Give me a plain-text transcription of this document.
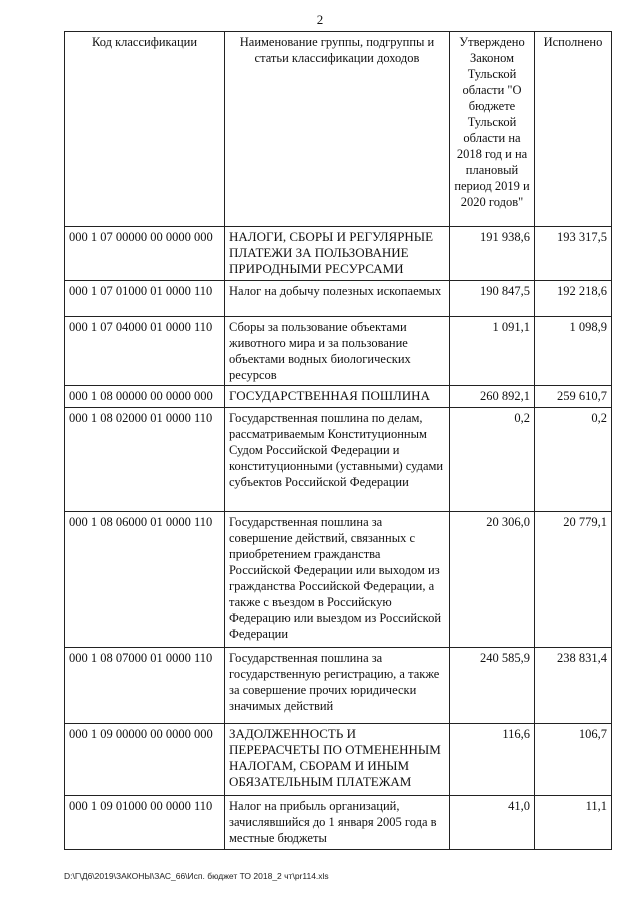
2
Код классификации	Наименование группы, подгруппы и статьи классификации доходов	Утверждено Законом Тульской области "О бюджете Тульской области на 2018 год и на плановый период 2019 и 2020 годов"	Исполнено
000 1 07 00000 00 0000 000	НАЛОГИ, СБОРЫ И РЕГУЛЯРНЫЕ ПЛАТЕЖИ ЗА ПОЛЬЗОВАНИЕ ПРИРОДНЫМИ РЕСУРСАМИ	191 938,6	193 317,5
000 1 07 01000 01 0000 110	Налог на добычу полезных ископаемых	190 847,5	192 218,6
000 1 07 04000 01 0000 110	Сборы за пользование объектами животного мира и за пользование объектами водных биологических ресурсов	1 091,1	1 098,9
000 1 08 00000 00 0000 000	ГОСУДАРСТВЕННАЯ ПОШЛИНА	260 892,1	259 610,7
000 1 08 02000 01 0000 110	Государственная пошлина по делам, рассматриваемым Конституционным Судом Российской Федерации и конституционными (уставными) судами субъектов Российской Федерации	0,2	0,2
000 1 08 06000 01 0000 110	Государственная пошлина за совершение действий, связанных с приобретением гражданства Российской Федерации или выходом из гражданства Российской Федерации, а также с въездом в Российскую Федерацию или выездом из Российской Федерации	20 306,0	20 779,1
000 1 08 07000 01 0000 110	Государственная пошлина за государственную регистрацию, а также за совершение прочих юридически значимых действий	240 585,9	238 831,4
000 1 09 00000 00 0000 000	ЗАДОЛЖЕННОСТЬ И ПЕРЕРАСЧЕТЫ ПО ОТМЕНЕННЫМ НАЛОГАМ, СБОРАМ И ИНЫМ ОБЯЗАТЕЛЬНЫМ ПЛАТЕЖАМ	116,6	106,7
000 1 09 01000 00 0000 110	Налог на прибыль организаций, зачислявшийся до 1 января 2005 года в местные бюджеты	41,0	11,1
D:\Г\Д6\2019\ЗАКОНЫ\ЗАС_66\Исп. бюджет ТО 2018_2 чт\pr114.xls
